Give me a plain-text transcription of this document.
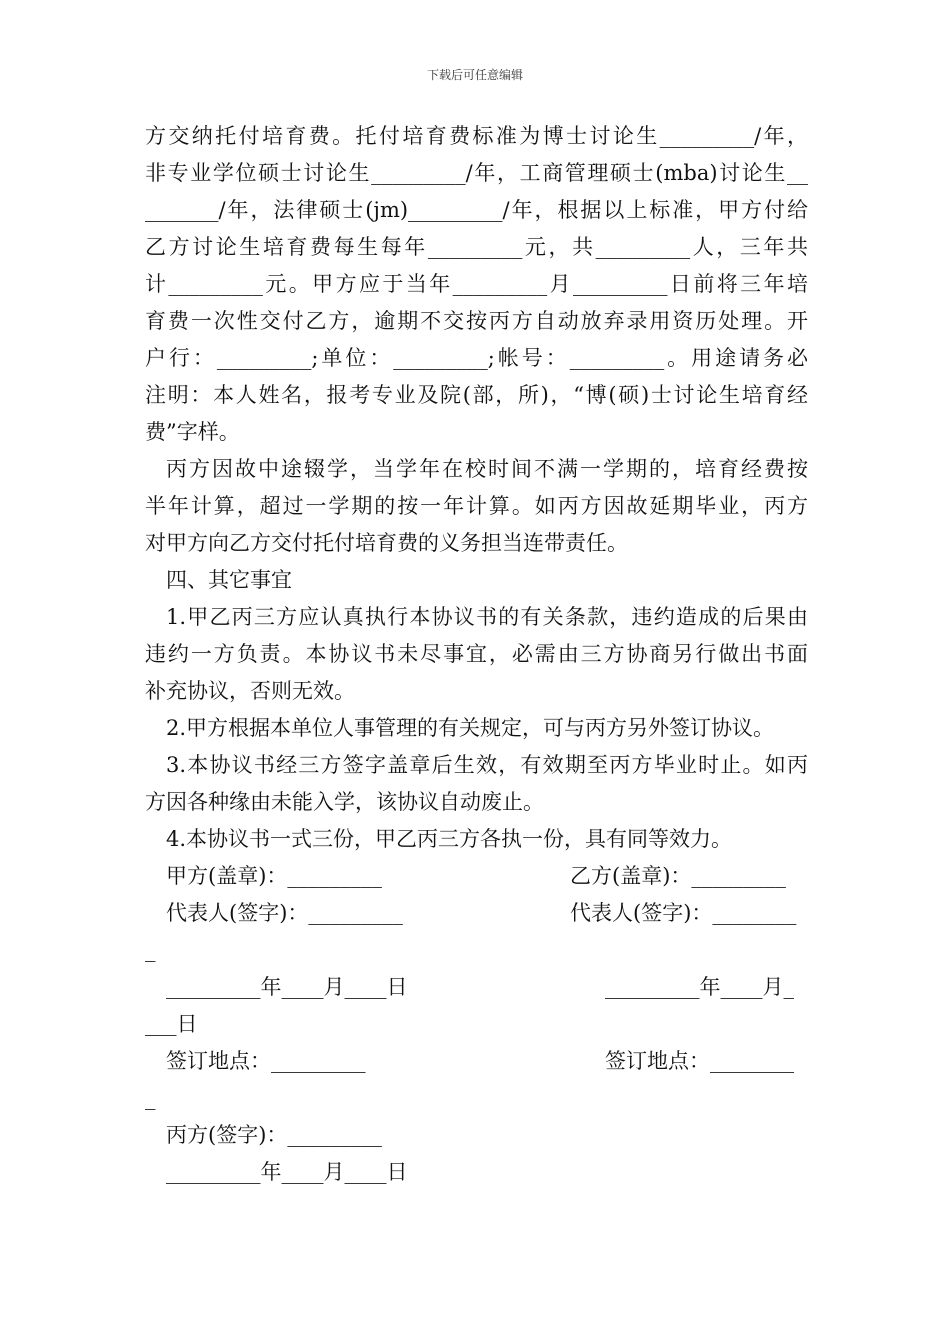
下载后可任意编辑
方交纳托付培育费。托付培育费标准为博士讨论生_________/年，
非专业学位硕士讨论生_________/年，工商管理硕士(mba)讨论生__
_______/年，法律硕士(jm)_________/年，根据以上标准，甲方付给
乙方讨论生培育费每生每年_________元，共_________人，三年共
计_________元。甲方应于当年_________月_________日前将三年培
育费一次性交付乙方，逾期不交按丙方自动放弃录用资历处理。开
户行：_________;单位：_________;帐号：_________。用途请务必
注明：本人姓名，报考专业及院(部，所)，“博(硕)士讨论生培育经
费”字样。
丙方因故中途辍学，当学年在校时间不满一学期的，培育经费按
半年计算，超过一学期的按一年计算。如丙方因故延期毕业，丙方
对甲方向乙方交付托付培育费的义务担当连带责任。
四、其它事宜
1.甲乙丙三方应认真执行本协议书的有关条款，违约造成的后果由
违约一方负责。本协议书未尽事宜，必需由三方协商另行做出书面
补充协议，否则无效。
2.甲方根据本单位人事管理的有关规定，可与丙方另外签订协议。
3.本协议书经三方签字盖章后生效，有效期至丙方毕业时止。如丙
方因各种缘由未能入学，该协议自动废止。
4.本协议书一式三份，甲乙丙三方各执一份，具有同等效力。
甲方(盖章)：_________	乙方(盖章)：_________
代表人(签字)：_________	代表人(签字)：________
_
_________年____月____日	_________年____月_
___日
签订地点：_________	签订地点：________
_
丙方(签字)：_________
_________年____月____日
